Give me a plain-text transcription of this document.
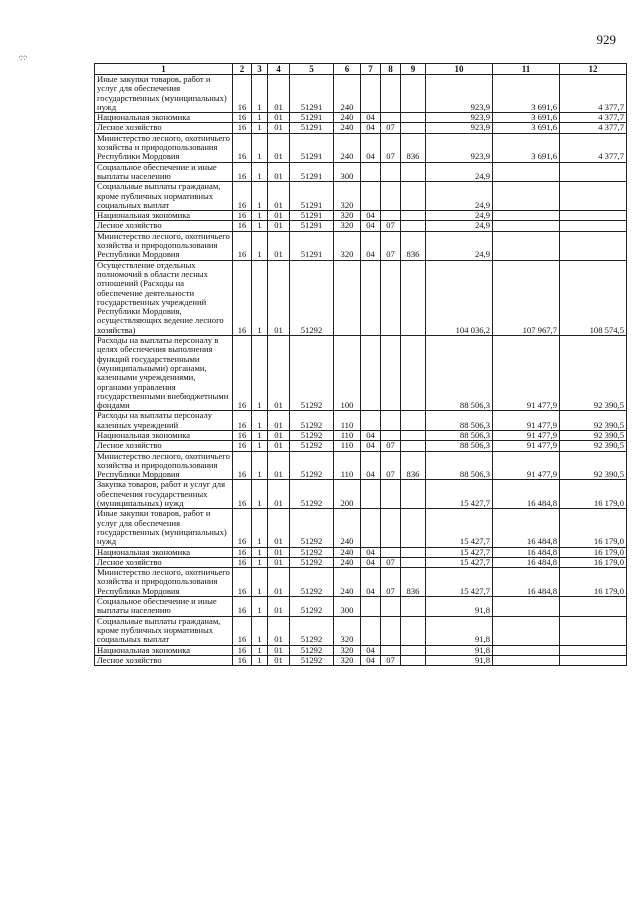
929
·:·:·
1	2	3	4	5	6	7	8	9	10	11	12
Иные закупки товаров, работ и услуг для обеспечения государственных (муниципальных) нужд	16	1	01	51291	240				923,9	3 691,6	4 377,7
Национальная экономика	16	1	01	51291	240	04			923,9	3 691,6	4 377,7
Лесное хозяйство	16	1	01	51291	240	04	07		923,9	3 691,6	4 377,7
Министерство лесного, охотничьего хозяйства и природопользования Республики Мордовия	16	1	01	51291	240	04	07	836	923,9	3 691,6	4 377,7
Социальное обеспечение и иные выплаты населению	16	1	01	51291	300				24,9		
Социальные выплаты гражданам, кроме публичных нормативных социальных выплат	16	1	01	51291	320				24,9		
Национальная экономика	16	1	01	51291	320	04			24,9		
Лесное хозяйство	16	1	01	51291	320	04	07		24,9		
Министерство лесного, охотничьего хозяйства и природопользования Республики Мордовия	16	1	01	51291	320	04	07	836	24,9		
Осуществление отдельных полномочий в области лесных отношений (Расходы на обеспечение деятельности государственных учреждений Республики Мордовия, осуществляющих ведение лесного хозяйства)	16	1	01	51292					104 036,2	107 967,7	108 574,5
Расходы на выплаты персоналу в целях обеспечения выполнения функций государственными (муниципальными) органами, казенными учреждениями, органами управления государственными внебюджетными фондами	16	1	01	51292	100				88 506,3	91 477,9	92 390,5
Расходы на выплаты персоналу казенных учреждений	16	1	01	51292	110				88 506,3	91 477,9	92 390,5
Национальная экономика	16	1	01	51292	110	04			88 506,3	91 477,9	92 390,5
Лесное хозяйство	16	1	01	51292	110	04	07		88 506,3	91 477,9	92 390,5
Министерство лесного, охотничьего хозяйства и природопользования Республики Мордовия	16	1	01	51292	110	04	07	836	88 506,3	91 477,9	92 390,5
Закупка товаров, работ и услуг для обеспечения государственных (муниципальных) нужд	16	1	01	51292	200				15 427,7	16 484,8	16 179,0
Иные закупки товаров, работ и услуг для обеспечения государственных (муниципальных) нужд	16	1	01	51292	240				15 427,7	16 484,8	16 179,0
Национальная экономика	16	1	01	51292	240	04			15 427,7	16 484,8	16 179,0
Лесное хозяйство	16	1	01	51292	240	04	07		15 427,7	16 484,8	16 179,0
Министерство лесного, охотничьего хозяйства и природопользования Республики Мордовия	16	1	01	51292	240	04	07	836	15 427,7	16 484,8	16 179,0
Социальное обеспечение и иные выплаты населению	16	1	01	51292	300				91,8		
Социальные выплаты гражданам, кроме публичных нормативных социальных выплат	16	1	01	51292	320				91,8		
Национальная экономика	16	1	01	51292	320	04			91,8		
Лесное хозяйство	16	1	01	51292	320	04	07		91,8		
